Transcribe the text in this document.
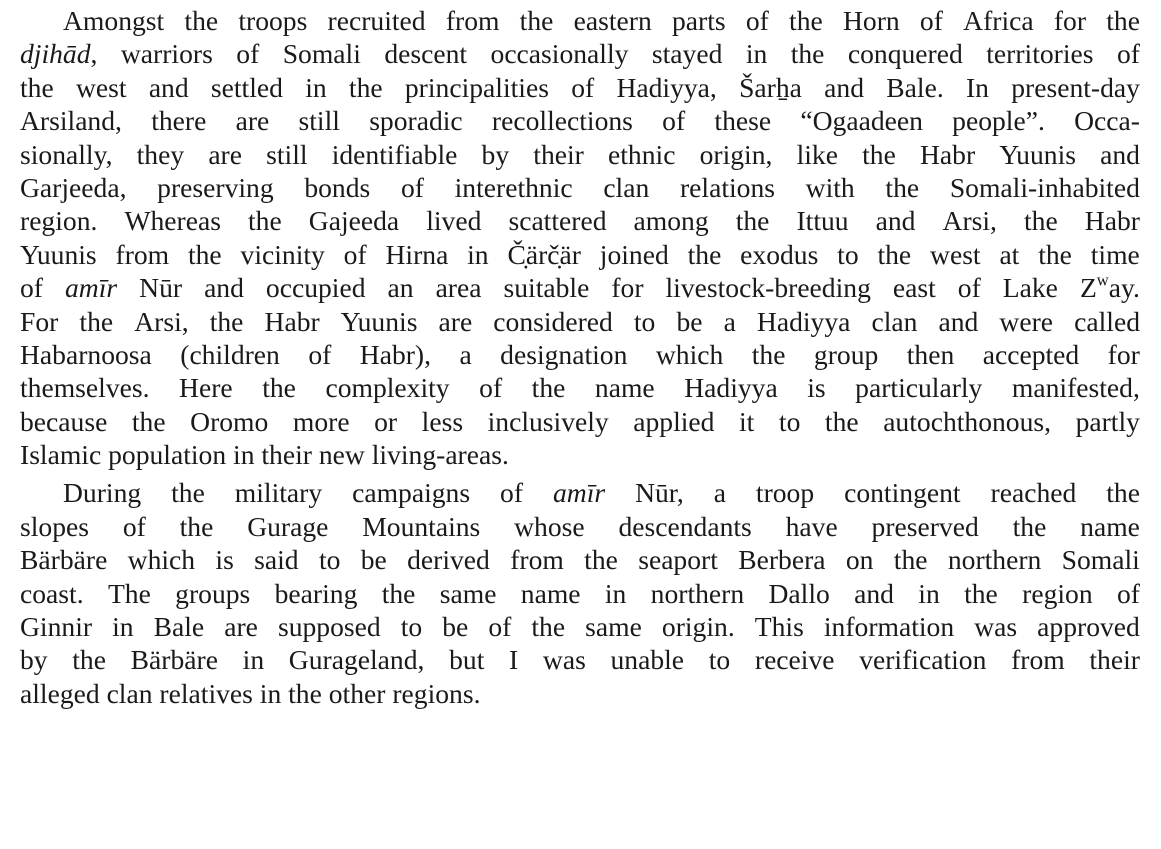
Amongst the troops recruited from the eastern parts of the Horn of Africa for the
djihād, warriors of Somali descent occasionally stayed in the conquered territories of
the west and settled in the principalities of Hadiyya, Šarẖa and Bale. In present-day
Arsiland, there are still sporadic recollections of these “Ogaadeen people”. Occa-
sionally, they are still identifiable by their ethnic origin, like the Habr Yuunis and
Garjeeda, preserving bonds of interethnic clan relations with the Somali-inhabited
region. Whereas the Gajeeda lived scattered among the Ittuu and Arsi, the Habr
Yuunis from the vicinity of Hirna in Č̣ärč̣är joined the exodus to the west at the time
of amīr Nūr and occupied an area suitable for livestock-breeding east of Lake $Z^way$.
For the Arsi, the Habr Yuunis are considered to be a Hadiyya clan and were called
Habarnoosa (children of Habr), a designation which the group then accepted for
themselves. Here the complexity of the name Hadiyya is particularly manifested,
because the Oromo more or less inclusively applied it to the autochthonous, partly
Islamic population in their new living-areas.
During the military campaigns of amīr Nūr, a troop contingent reached the
slopes of the Gurage Mountains whose descendants have preserved the name
Bärbäre which is said to be derived from the seaport Berbera on the northern Somali
coast. The groups bearing the same name in northern Dallo and in the region of
Ginnir in Bale are supposed to be of the same origin. This information was approved
by the Bärbäre in Gurageland, but I was unable to receive verification from their
alleged clan relatives in the other regions.
